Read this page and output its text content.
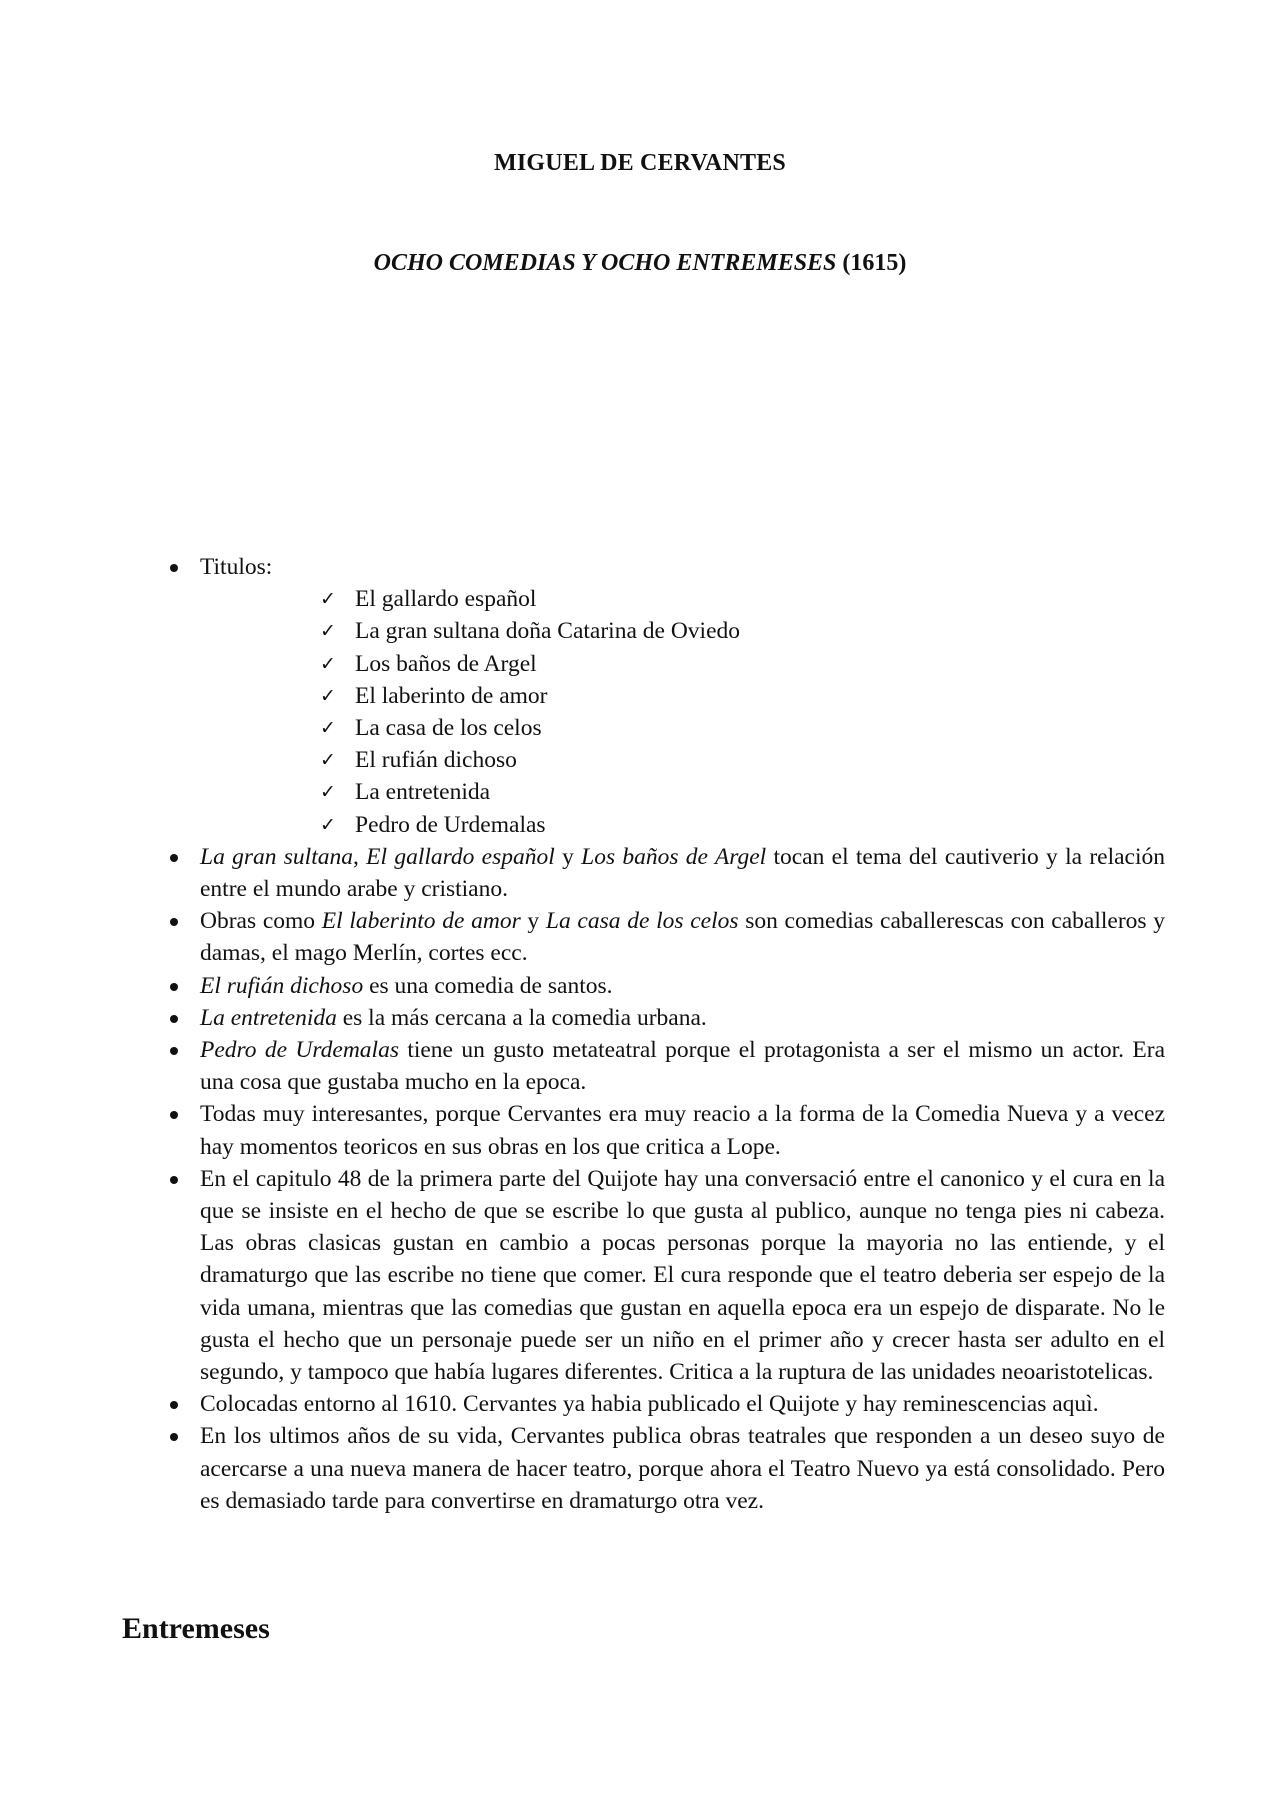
MIGUEL DE CERVANTES
OCHO COMEDIAS Y OCHO ENTREMESES (1615)
Titulos:
✓ El gallardo español
✓ La gran sultana doña Catarina de Oviedo
✓ Los baños de Argel
✓ El laberinto de amor
✓ La casa de los celos
✓ El rufián dichoso
✓ La entretenida
✓ Pedro de Urdemalas
La gran sultana, El gallardo español y Los baños de Argel tocan el tema del cautiverio y la relación entre el mundo arabe y cristiano.
Obras como El laberinto de amor y La casa de los celos son comedias caballerescas con caballeros y damas, el mago Merlín, cortes ecc.
El rufián dichoso es una comedia de santos.
La entretenida es la más cercana a la comedia urbana.
Pedro de Urdemalas tiene un gusto metateatral porque el protagonista a ser el mismo un actor. Era una cosa que gustaba mucho en la epoca.
Todas muy interesantes, porque Cervantes era muy reacio a la forma de la Comedia Nueva y a vecez hay momentos teoricos en sus obras en los que critica a Lope.
En el capitulo 48 de la primera parte del Quijote hay una conversació entre el canonico y el cura en la que se insiste en el hecho de que se escribe lo que gusta al publico, aunque no tenga pies ni cabeza. Las obras clasicas gustan en cambio a pocas personas porque la mayoria no las entiende, y el dramaturgo que las escribe no tiene que comer. El cura responde que el teatro deberia ser espejo de la vida umana, mientras que las comedias que gustan en aquella epoca era un espejo de disparate. No le gusta el hecho que un personaje puede ser un niño en el primer año y crecer hasta ser adulto en el segundo, y tampoco que había lugares diferentes. Critica a la ruptura de las unidades neoaristotelicas.
Colocadas entorno al 1610. Cervantes ya habia publicado el Quijote y hay reminescencias aquì.
En los ultimos años de su vida, Cervantes publica obras teatrales que responden a un deseo suyo de acercarse a una nueva manera de hacer teatro, porque ahora el Teatro Nuevo ya está consolidado. Pero es demasiado tarde para convertirse en dramaturgo otra vez.
Entremeses
